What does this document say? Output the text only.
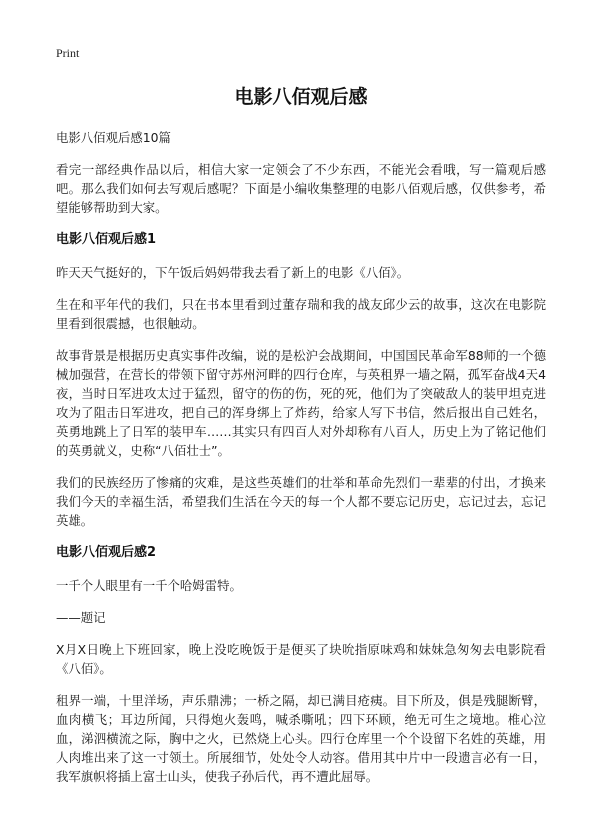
Print
电影八佰观后感

电影八佰观后感10篇

看完一部经典作品以后，相信大家一定领会了不少东西，不能光会看哦，写一篇观后感吧。那么我们如何去写观后感呢？下面是小编收集整理的电影八佰观后感，仅供参考，希望能够帮助到大家。

电影八佰观后感1

昨天天气挺好的，下午饭后妈妈带我去看了新上的电影《八佰》。

生在和平年代的我们，只在书本里看到过董存瑞和我的战友邱少云的故事，这次在电影院里看到很震撼，也很触动。

故事背景是根据历史真实事件改编，说的是松沪会战期间，中国国民革命军88师的一个德械加强营，在营长的带领下留守苏州河畔的四行仓库，与英租界一墙之隔，孤军奋战4天4夜，当时日军进攻太过于猛烈，留守的伤的伤，死的死，他们为了突破敌人的装甲坦克进攻为了阻击日军进攻，把自己的浑身绑上了炸药，给家人写下书信，然后报出自己姓名，英勇地跳上了日军的装甲车……其实只有四百人对外却称有八百人，历史上为了铭记他们的英勇就义，史称“八佰壮士”。

我们的民族经历了惨痛的灾难，是这些英雄们的壮举和革命先烈们一辈辈的付出，才换来我们今天的幸福生活，希望我们生活在今天的每一个人都不要忘记历史，忘记过去，忘记英雄。

电影八佰观后感2

一千个人眼里有一千个哈姆雷特。

——题记

X月X日晚上下班回家，晚上没吃晚饭于是便买了块吮指原味鸡和妹妹急匆匆去电影院看《八佰》。

租界一端，十里洋场，声乐鼎沸；一桥之隔，却已满目疮痍。目下所及，俱是残腿断臂，血肉横飞；耳边所闻，只得炮火轰鸣，喊杀嘶吼；四下环顾，绝无可生之境地。椎心泣血，涕泗横流之际，胸中之火，已然烧上心头。四行仓库里一个个设留下名姓的英雄，用人肉堆出来了这一寸领土。所展细节，处处令人动容。借用其中片中一段遗言必有一日，我军旗帜将插上富士山头，使我子孙后代，再不遭此屈辱。
